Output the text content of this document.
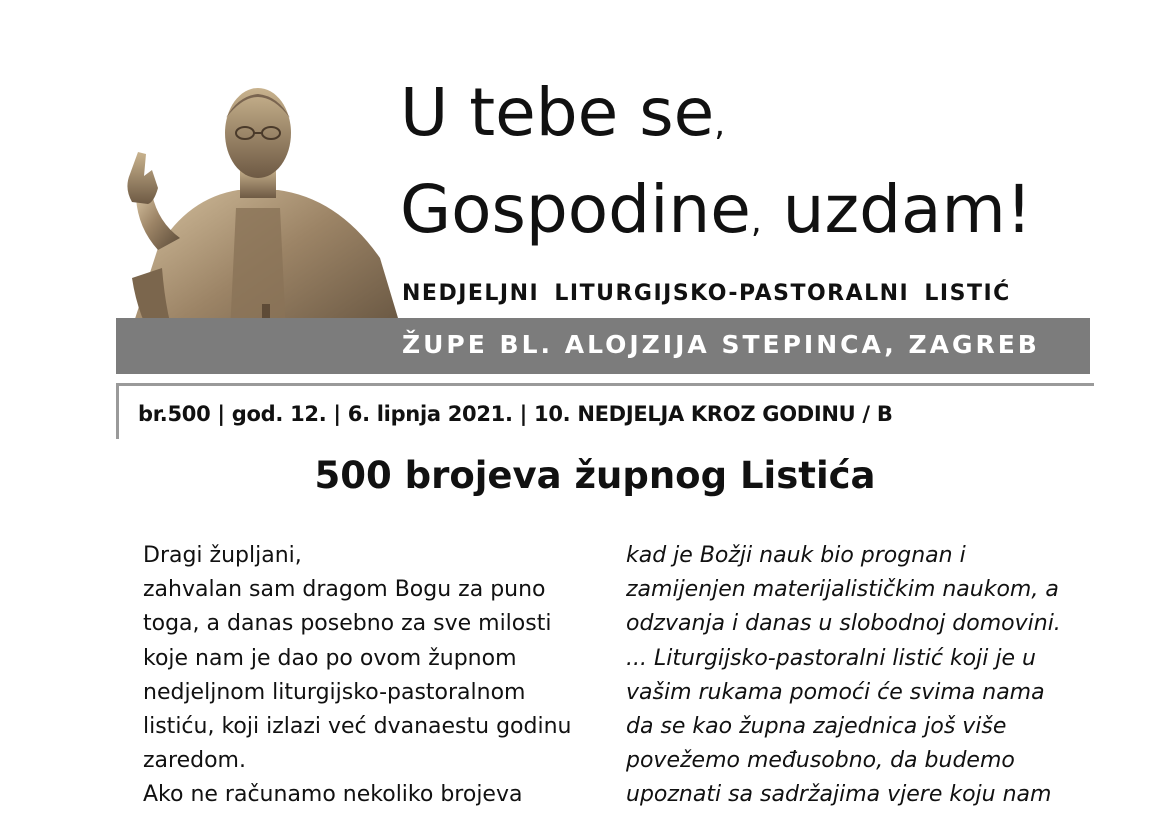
U tebe se,
Gospodine, uzdam!
NEDJELJNI LITURGIJSKO-PASTORALNI LISTIĆ
ŽUPE BL. ALOJZIJA STEPINCA, ZAGREB
br.500 | god. 12. | 6. lipnja 2021. | 10. NEDJELJA KROZ GODINU / B
500 brojeva župnog Listića
Dragi župljani,
zahvalan sam dragom Bogu za puno
toga, a danas posebno za sve milosti
koje nam je dao po ovom župnom
nedjeljnom liturgijsko-pastoralnom
listiću, koji izlazi već dvanaestu godinu
zaredom.
Ako ne računamo nekoliko brojeva
kad je Božji nauk bio prognan i
zamijenjen materijalističkim naukom, a
odzvanja i danas u slobodnoj domovini.
... Liturgijsko-pastoralni listić koji je u
vašim rukama pomoći će svima nama
da se kao župna zajednica još više
povežemo međusobno, da budemo
upoznati sa sadržajima vjere koju nam
